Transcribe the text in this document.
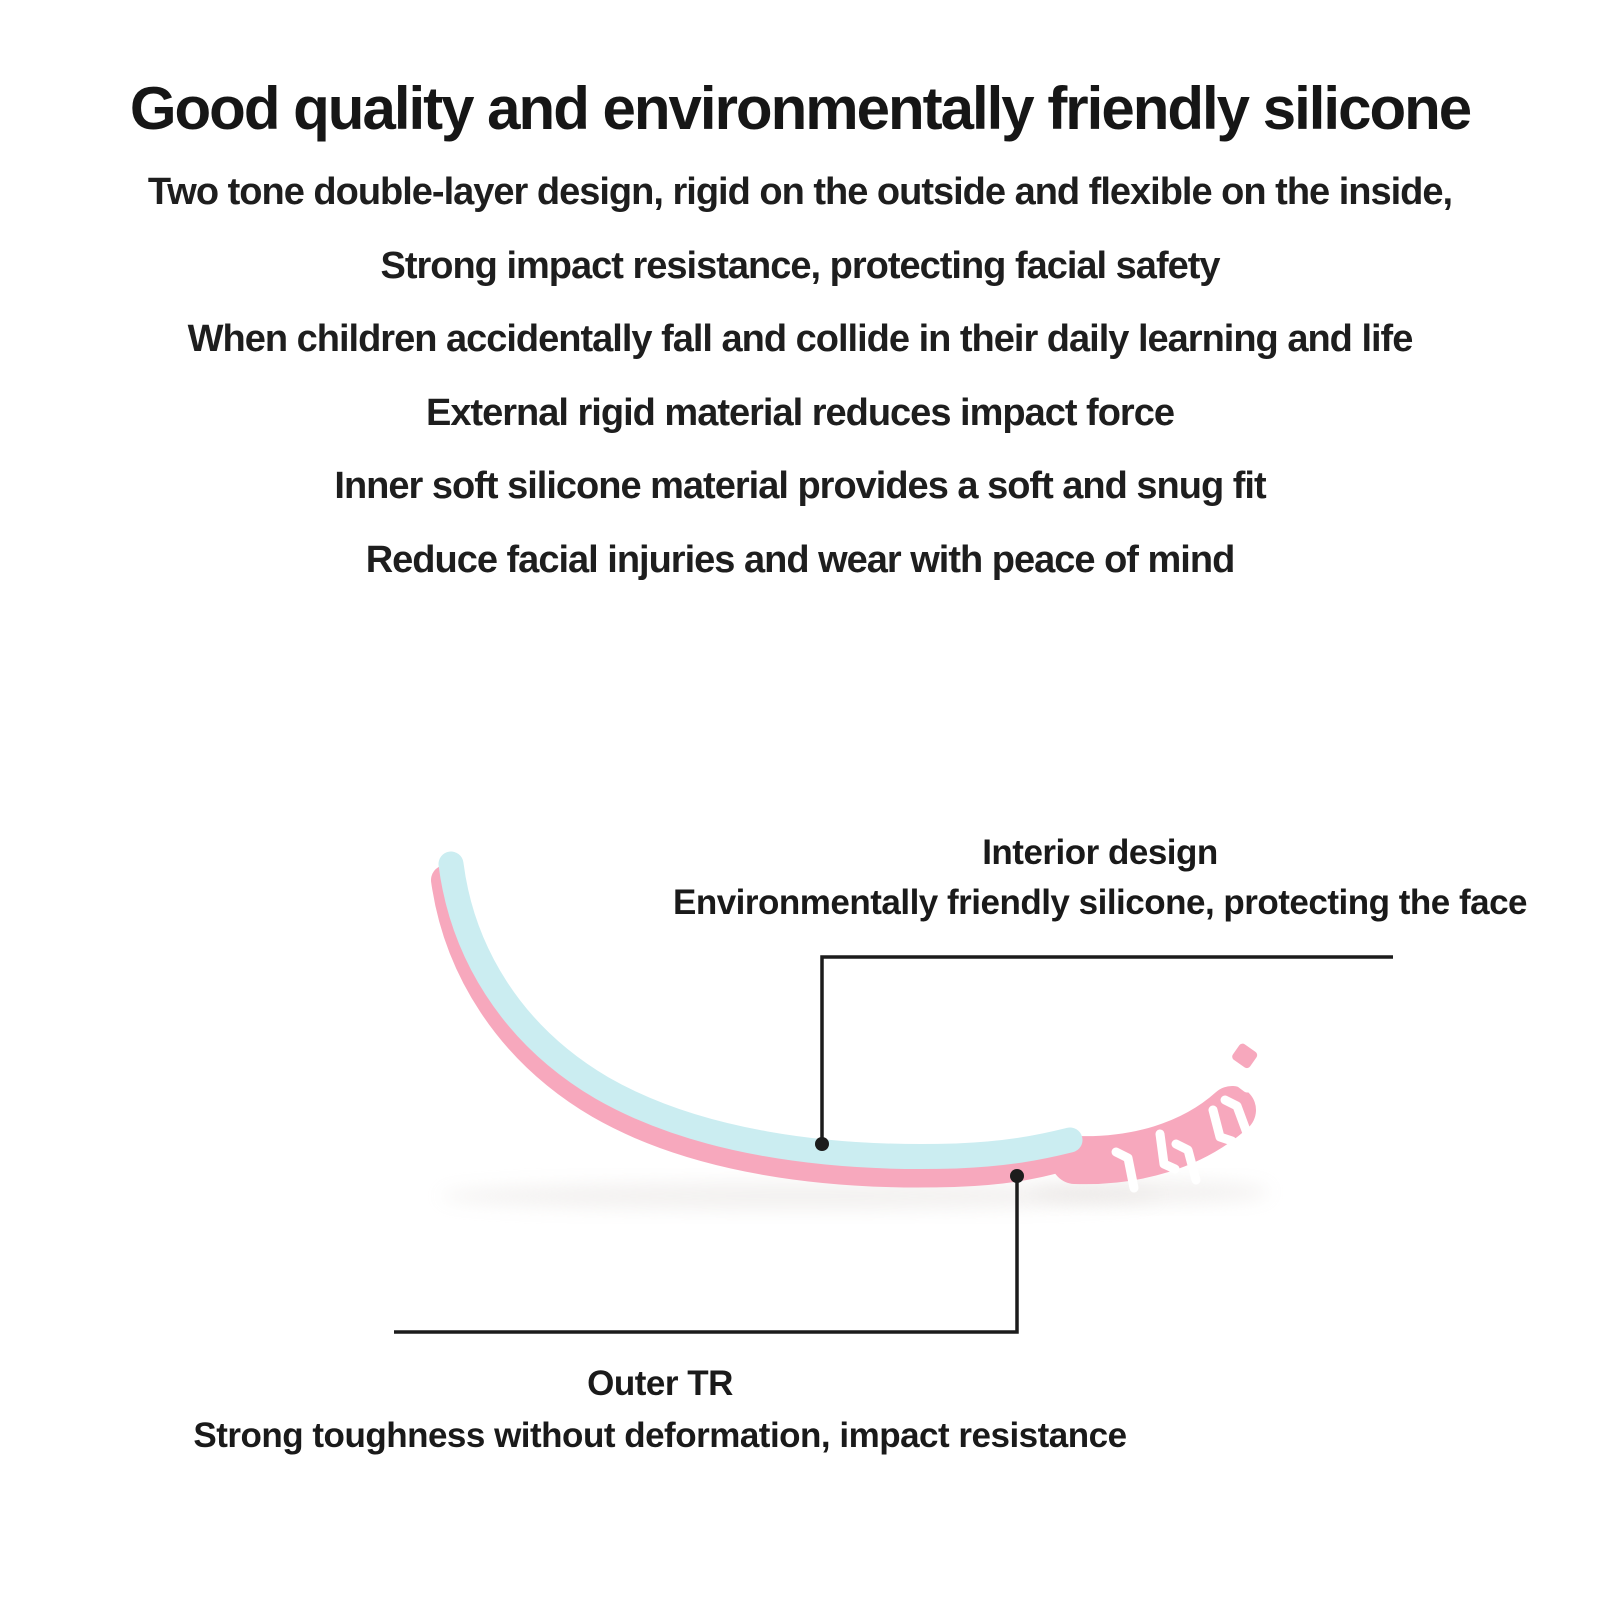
Good quality and environmentally friendly silicone
Two tone double-layer design, rigid on the outside and flexible on the inside,
Strong impact resistance, protecting facial safety
When children accidentally fall and collide in their daily learning and life
External rigid material reduces impact force
Inner soft silicone material provides a soft and snug fit
Reduce facial injuries and wear with peace of mind
Interior design
Environmentally friendly silicone, protecting the face
Outer TR
Strong toughness without deformation, impact resistance
